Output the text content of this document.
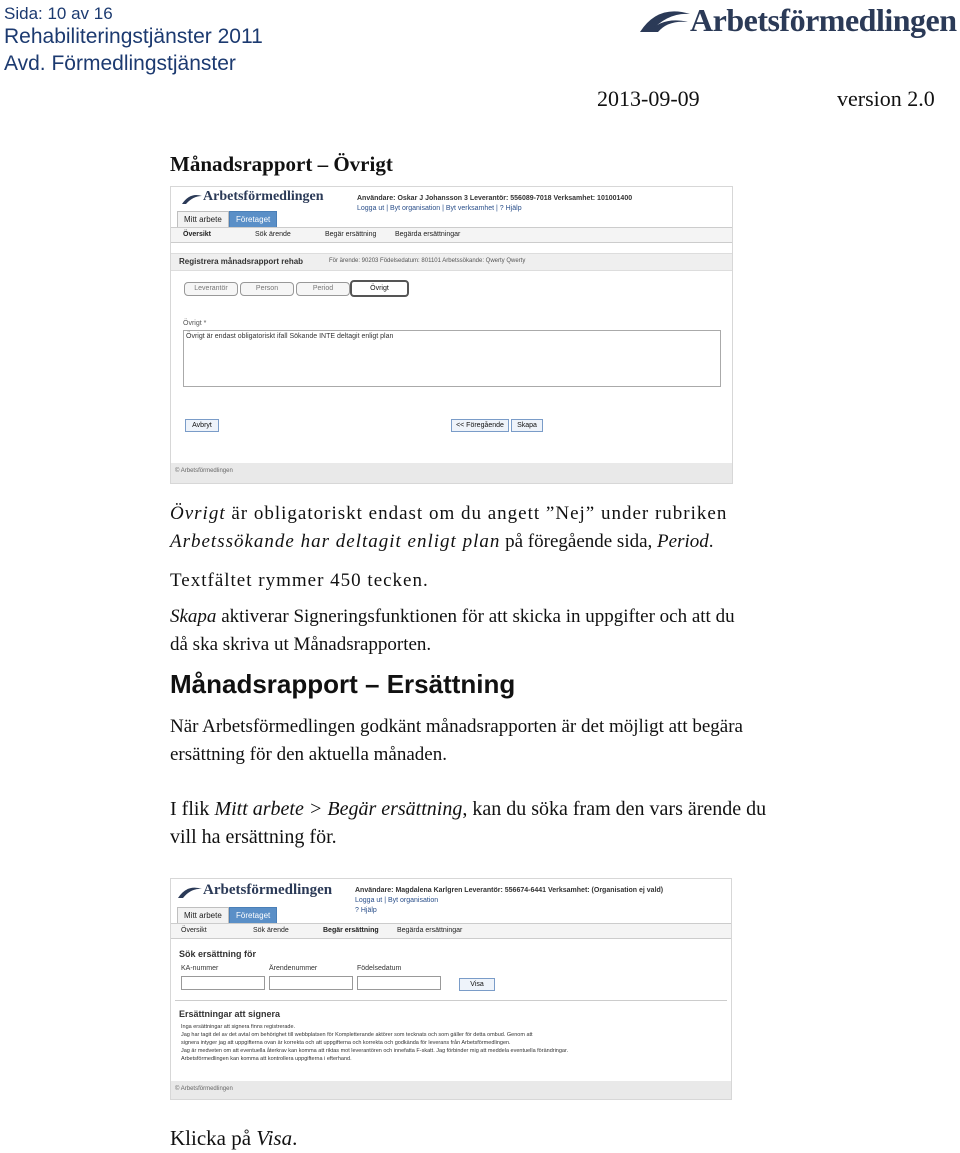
Sida: 10 av 16
Rehabiliteringstjänster 2011
Avd. Förmedlingstjänster
Arbetsförmedlingen
2013-09-09	version 2.0
Månadsrapport – Övrigt
Arbetsförmedlingen	Användare: Oskar J Johansson 3 Leverantör: 556089-7018 Verksamhet: 101001400
Logga ut | Byt organisation | Byt verksamhet | ? Hjälp
Mitt arbete	Företaget
Översikt	Sök ärende	Begär ersättning	Begärda ersättningar
Registrera månadsrapport rehab	För ärende: 90203 Födelsedatum: 801101 Arbetssökande: Qwerty Qwerty
Leverantör	Person	Period	Övrigt
Övrigt *
Övrigt är endast obligatoriskt ifall Sökande INTE deltagit enligt plan
Avbryt	<< Föregående	Skapa
© Arbetsförmedlingen
Övrigt är obligatoriskt endast om du angett ”Nej” under rubriken
Arbetssökande har deltagit enligt plan på föregående sida, Period.
Textfältet rymmer 450 tecken.
Skapa aktiverar Signeringsfunktionen för att skicka in uppgifter och att du
då ska skriva ut Månadsrapporten.
Månadsrapport – Ersättning
När Arbetsförmedlingen godkänt månadsrapporten är det möjligt att begära
ersättning för den aktuella månaden.
I flik Mitt arbete > Begär ersättning, kan du söka fram den vars ärende du
vill ha ersättning för.
Arbetsförmedlingen	Användare: Magdalena Karlgren Leverantör: 556674-6441 Verksamhet: (Organisation ej vald)
Logga ut | Byt organisation
? Hjälp
Mitt arbete	Företaget
Översikt	Sök ärende	Begär ersättning	Begärda ersättningar
Sök ersättning för
KA-nummer	Ärendenummer	Födelsedatum
Visa
Ersättningar att signera
Inga ersättningar att signera finns registrerade.
Jag har tagit del av det avtal om behörighet till webbplatsen för Kompletterande aktörer som tecknats och som gäller för detta ombud. Genom att
signera intyger jag att uppgifterna ovan är korrekta och att uppgifterna och korrekta och godkända för leverans från Arbetsförmedlingen.
Jag är medveten om att eventuella återkrav kan komma att riktas mot leverantören och innefatta F-skatt. Jag förbinder mig att meddela eventuella förändringar.
Arbetsförmedlingen kan komma att kontrollera uppgifterna i efterhand.
© Arbetsförmedlingen
Klicka på Visa.
